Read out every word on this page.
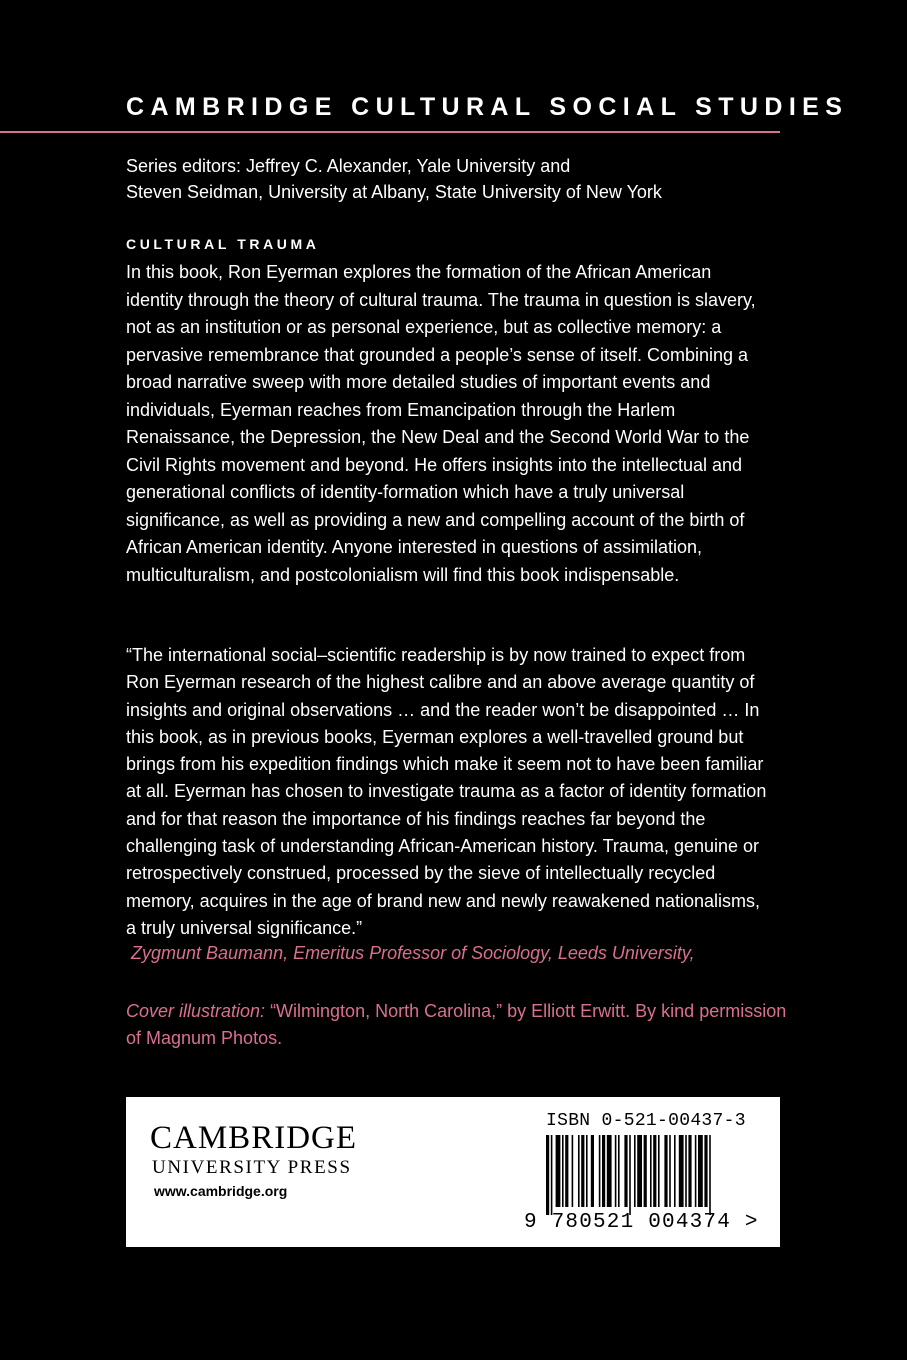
CAMBRIDGE CULTURAL SOCIAL STUDIES
Series editors: Jeffrey C. Alexander, Yale University and
Steven Seidman, University at Albany, State University of New York
CULTURAL TRAUMA
In this book, Ron Eyerman explores the formation of the African American
identity through the theory of cultural trauma. The trauma in question is slavery,
not as an institution or as personal experience, but as collective memory: a
pervasive remembrance that grounded a people’s sense of itself. Combining a
broad narrative sweep with more detailed studies of important events and
individuals, Eyerman reaches from Emancipation through the Harlem
Renaissance, the Depression, the New Deal and the Second World War to the
Civil Rights movement and beyond. He offers insights into the intellectual and
generational conflicts of identity-formation which have a truly universal
significance, as well as providing a new and compelling account of the birth of
African American identity. Anyone interested in questions of assimilation,
multiculturalism, and postcolonialism will find this book indispensable.
“The international social–scientific readership is by now trained to expect from
Ron Eyerman research of the highest calibre and an above average quantity of
insights and original observations … and the reader won’t be disappointed … In
this book, as in previous books, Eyerman explores a well-travelled ground but
brings from his expedition findings which make it seem not to have been familiar
at all. Eyerman has chosen to investigate trauma as a factor of identity formation
and for that reason the importance of his findings reaches far beyond the
challenging task of understanding African-American history. Trauma, genuine or
retrospectively construed, processed by the sieve of intellectually recycled
memory, acquires in the age of brand new and newly reawakened nationalisms,
a truly universal significance.”
Zygmunt Baumann, Emeritus Professor of Sociology, Leeds University,
Cover illustration: “Wilmington, North Carolina,” by Elliott Erwitt. By kind permission
of Magnum Photos.
CAMBRIDGE
UNIVERSITY PRESS
www.cambridge.org
ISBN 0-521-00437-3
9 780521 004374 >
